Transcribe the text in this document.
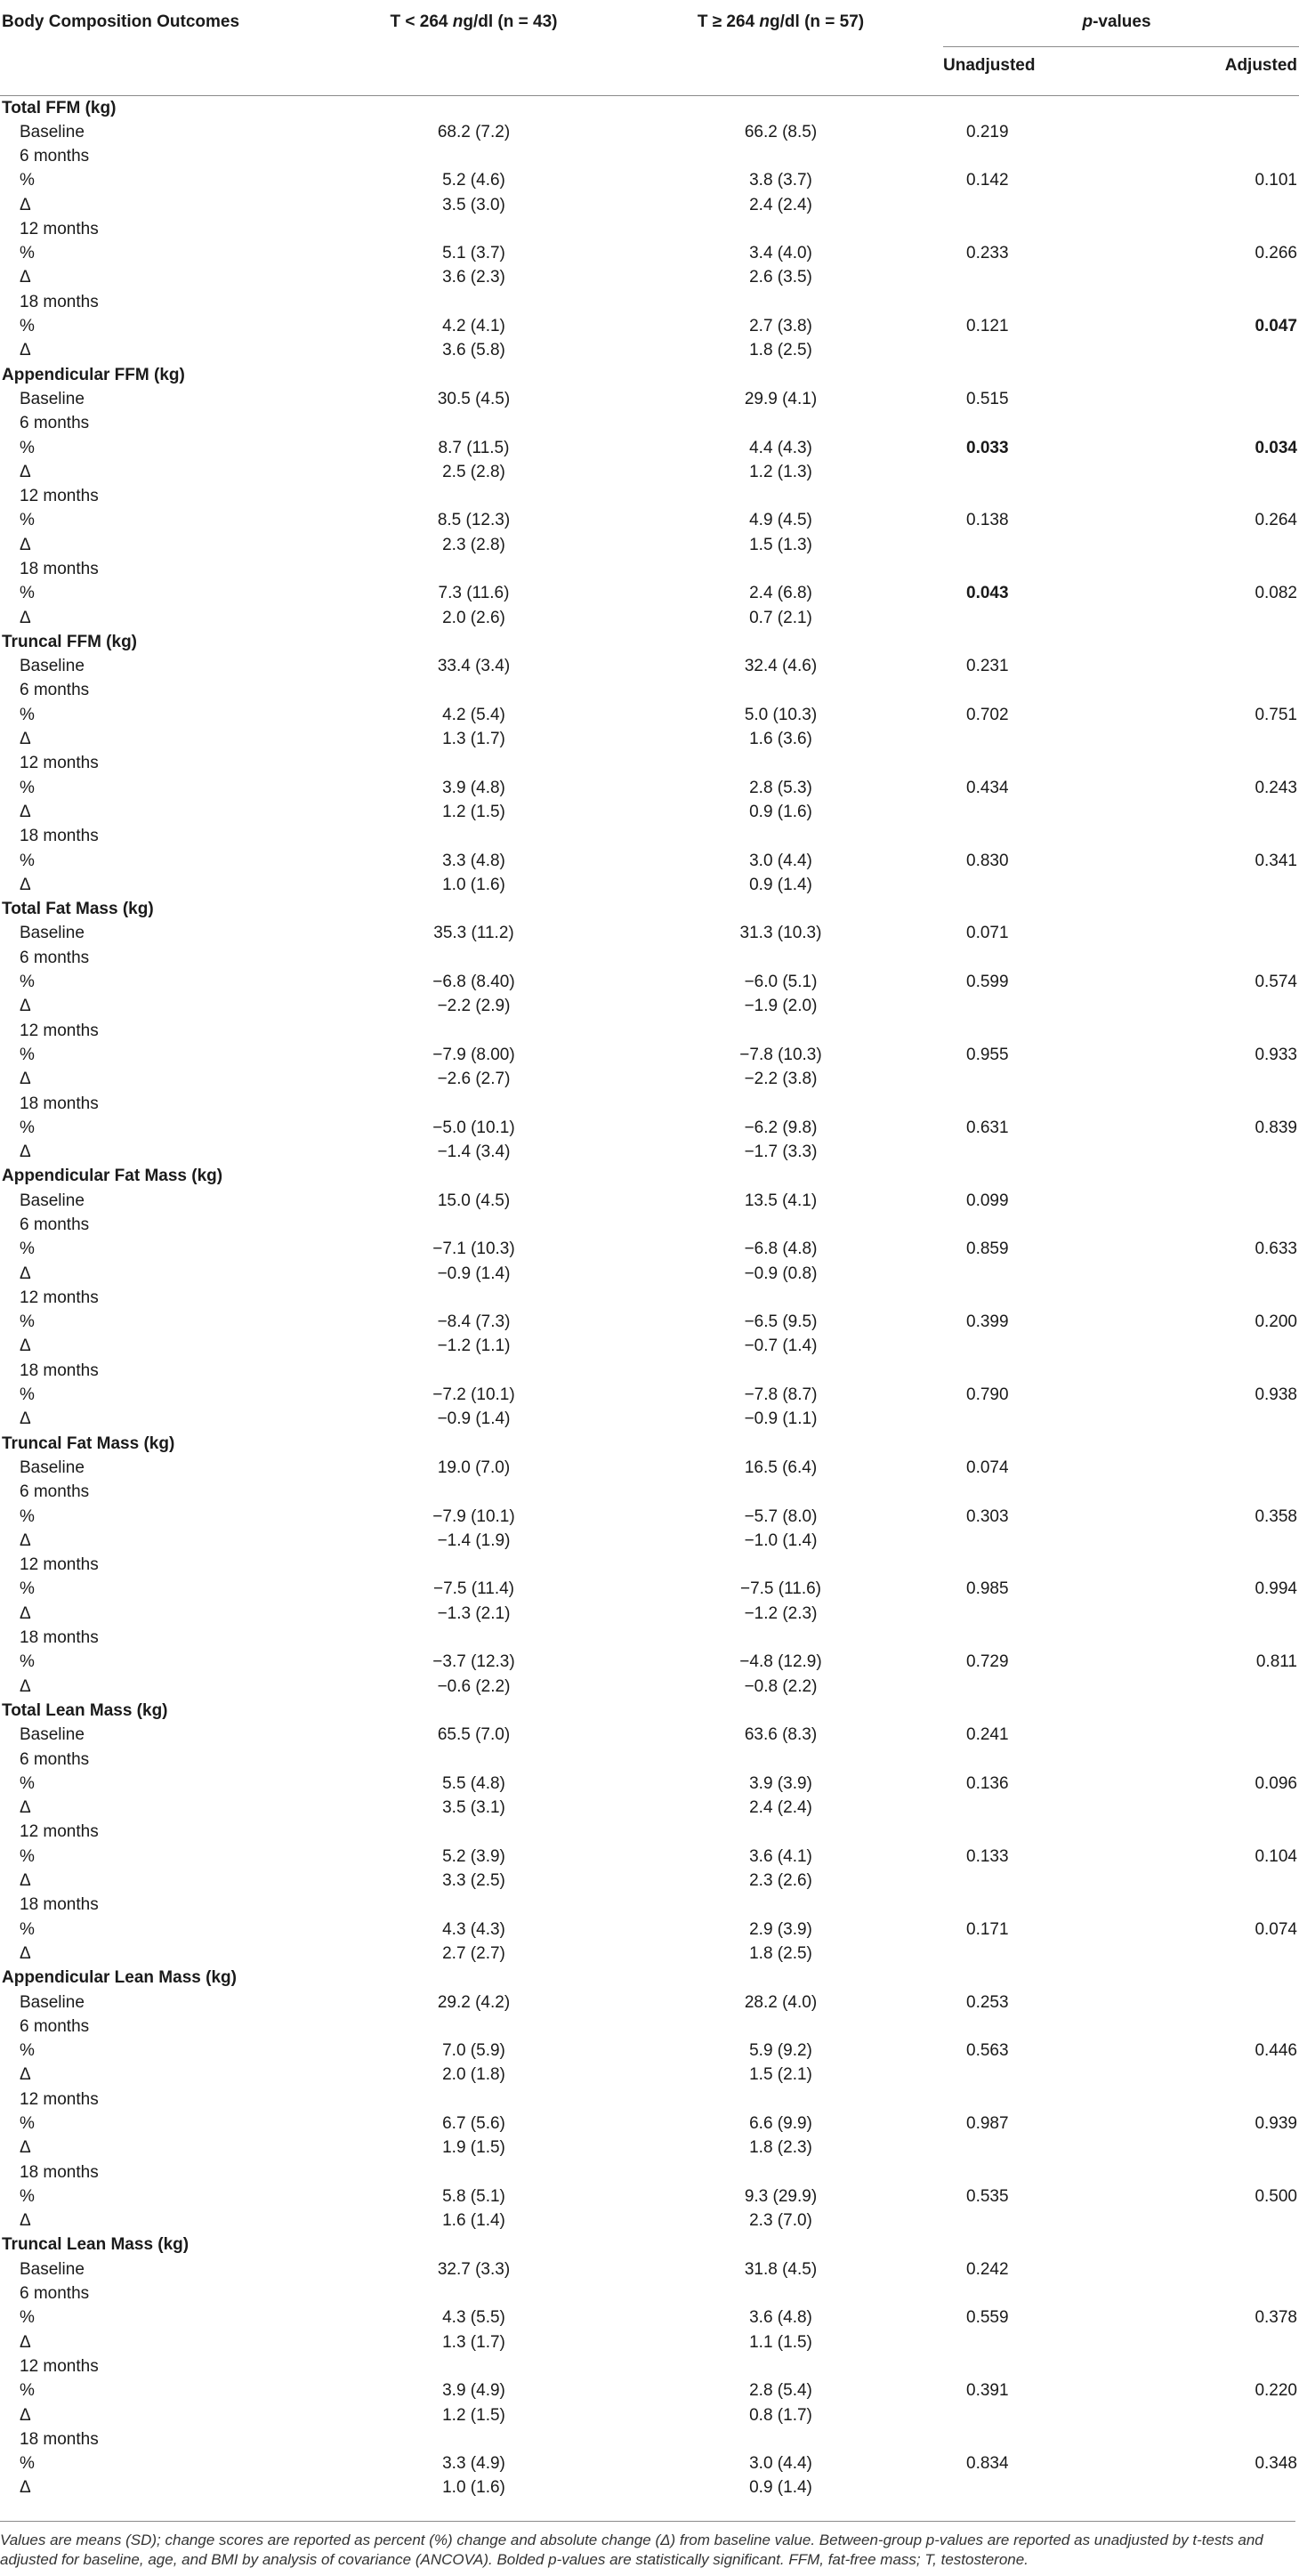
Body Composition Outcomes	T < 264 ng/dl (n = 43)	T ≥ 264 ng/dl (n = 57)	p-values	

			Unadjusted	Adjusted
Total FFM (kg)				
Baseline	68.2 (7.2)	66.2 (8.5)	0.219	
6 months				
%	5.2 (4.6)	3.8 (3.7)	0.142	0.101
Δ	3.5 (3.0)	2.4 (2.4)		
12 months				
%	5.1 (3.7)	3.4 (4.0)	0.233	0.266
Δ	3.6 (2.3)	2.6 (3.5)		
18 months				
%	4.2 (4.1)	2.7 (3.8)	0.121	0.047
Δ	3.6 (5.8)	1.8 (2.5)		
Appendicular FFM (kg)				
Baseline	30.5 (4.5)	29.9 (4.1)	0.515	
6 months				
%	8.7 (11.5)	4.4 (4.3)	0.033	0.034
Δ	2.5 (2.8)	1.2 (1.3)		
12 months				
%	8.5 (12.3)	4.9 (4.5)	0.138	0.264
Δ	2.3 (2.8)	1.5 (1.3)		
18 months				
%	7.3 (11.6)	2.4 (6.8)	0.043	0.082
Δ	2.0 (2.6)	0.7 (2.1)		
Truncal FFM (kg)				
Baseline	33.4 (3.4)	32.4 (4.6)	0.231	
6 months				
%	4.2 (5.4)	5.0 (10.3)	0.702	0.751
Δ	1.3 (1.7)	1.6 (3.6)		
12 months				
%	3.9 (4.8)	2.8 (5.3)	0.434	0.243
Δ	1.2 (1.5)	0.9 (1.6)		
18 months				
%	3.3 (4.8)	3.0 (4.4)	0.830	0.341
Δ	1.0 (1.6)	0.9 (1.4)		
Total Fat Mass (kg)				
Baseline	35.3 (11.2)	31.3 (10.3)	0.071	
6 months				
%	−6.8 (8.40)	−6.0 (5.1)	0.599	0.574
Δ	−2.2 (2.9)	−1.9 (2.0)		
12 months				
%	−7.9 (8.00)	−7.8 (10.3)	0.955	0.933
Δ	−2.6 (2.7)	−2.2 (3.8)		
18 months				
%	−5.0 (10.1)	−6.2 (9.8)	0.631	0.839
Δ	−1.4 (3.4)	−1.7 (3.3)		
Appendicular Fat Mass (kg)				
Baseline	15.0 (4.5)	13.5 (4.1)	0.099	
6 months				
%	−7.1 (10.3)	−6.8 (4.8)	0.859	0.633
Δ	−0.9 (1.4)	−0.9 (0.8)		
12 months				
%	−8.4 (7.3)	−6.5 (9.5)	0.399	0.200
Δ	−1.2 (1.1)	−0.7 (1.4)		
18 months				
%	−7.2 (10.1)	−7.8 (8.7)	0.790	0.938
Δ	−0.9 (1.4)	−0.9 (1.1)		
Truncal Fat Mass (kg)				
Baseline	19.0 (7.0)	16.5 (6.4)	0.074	
6 months				
%	−7.9 (10.1)	−5.7 (8.0)	0.303	0.358
Δ	−1.4 (1.9)	−1.0 (1.4)		
12 months				
%	−7.5 (11.4)	−7.5 (11.6)	0.985	0.994
Δ	−1.3 (2.1)	−1.2 (2.3)		
18 months				
%	−3.7 (12.3)	−4.8 (12.9)	0.729	0.811
Δ	−0.6 (2.2)	−0.8 (2.2)		
Total Lean Mass (kg)				
Baseline	65.5 (7.0)	63.6 (8.3)	0.241	
6 months				
%	5.5 (4.8)	3.9 (3.9)	0.136	0.096
Δ	3.5 (3.1)	2.4 (2.4)		
12 months				
%	5.2 (3.9)	3.6 (4.1)	0.133	0.104
Δ	3.3 (2.5)	2.3 (2.6)		
18 months				
%	4.3 (4.3)	2.9 (3.9)	0.171	0.074
Δ	2.7 (2.7)	1.8 (2.5)		
Appendicular Lean Mass (kg)				
Baseline	29.2 (4.2)	28.2 (4.0)	0.253	
6 months				
%	7.0 (5.9)	5.9 (9.2)	0.563	0.446
Δ	2.0 (1.8)	1.5 (2.1)		
12 months				
%	6.7 (5.6)	6.6 (9.9)	0.987	0.939
Δ	1.9 (1.5)	1.8 (2.3)		
18 months				
%	5.8 (5.1)	9.3 (29.9)	0.535	0.500
Δ	1.6 (1.4)	2.3 (7.0)		
Truncal Lean Mass (kg)				
Baseline	32.7 (3.3)	31.8 (4.5)	0.242	
6 months				
%	4.3 (5.5)	3.6 (4.8)	0.559	0.378
Δ	1.3 (1.7)	1.1 (1.5)		
12 months				
%	3.9 (4.9)	2.8 (5.4)	0.391	0.220
Δ	1.2 (1.5)	0.8 (1.7)		
18 months				
%	3.3 (4.9)	3.0 (4.4)	0.834	0.348
Δ	1.0 (1.6)	0.9 (1.4)		
Values are means (SD); change scores are reported as percent (%) change and absolute change (Δ) from baseline value. Between-group p-values are reported as unadjusted by t-tests and adjusted for baseline, age, and BMI by analysis of covariance (ANCOVA). Bolded p-values are statistically significant. FFM, fat-free mass; T, testosterone.
